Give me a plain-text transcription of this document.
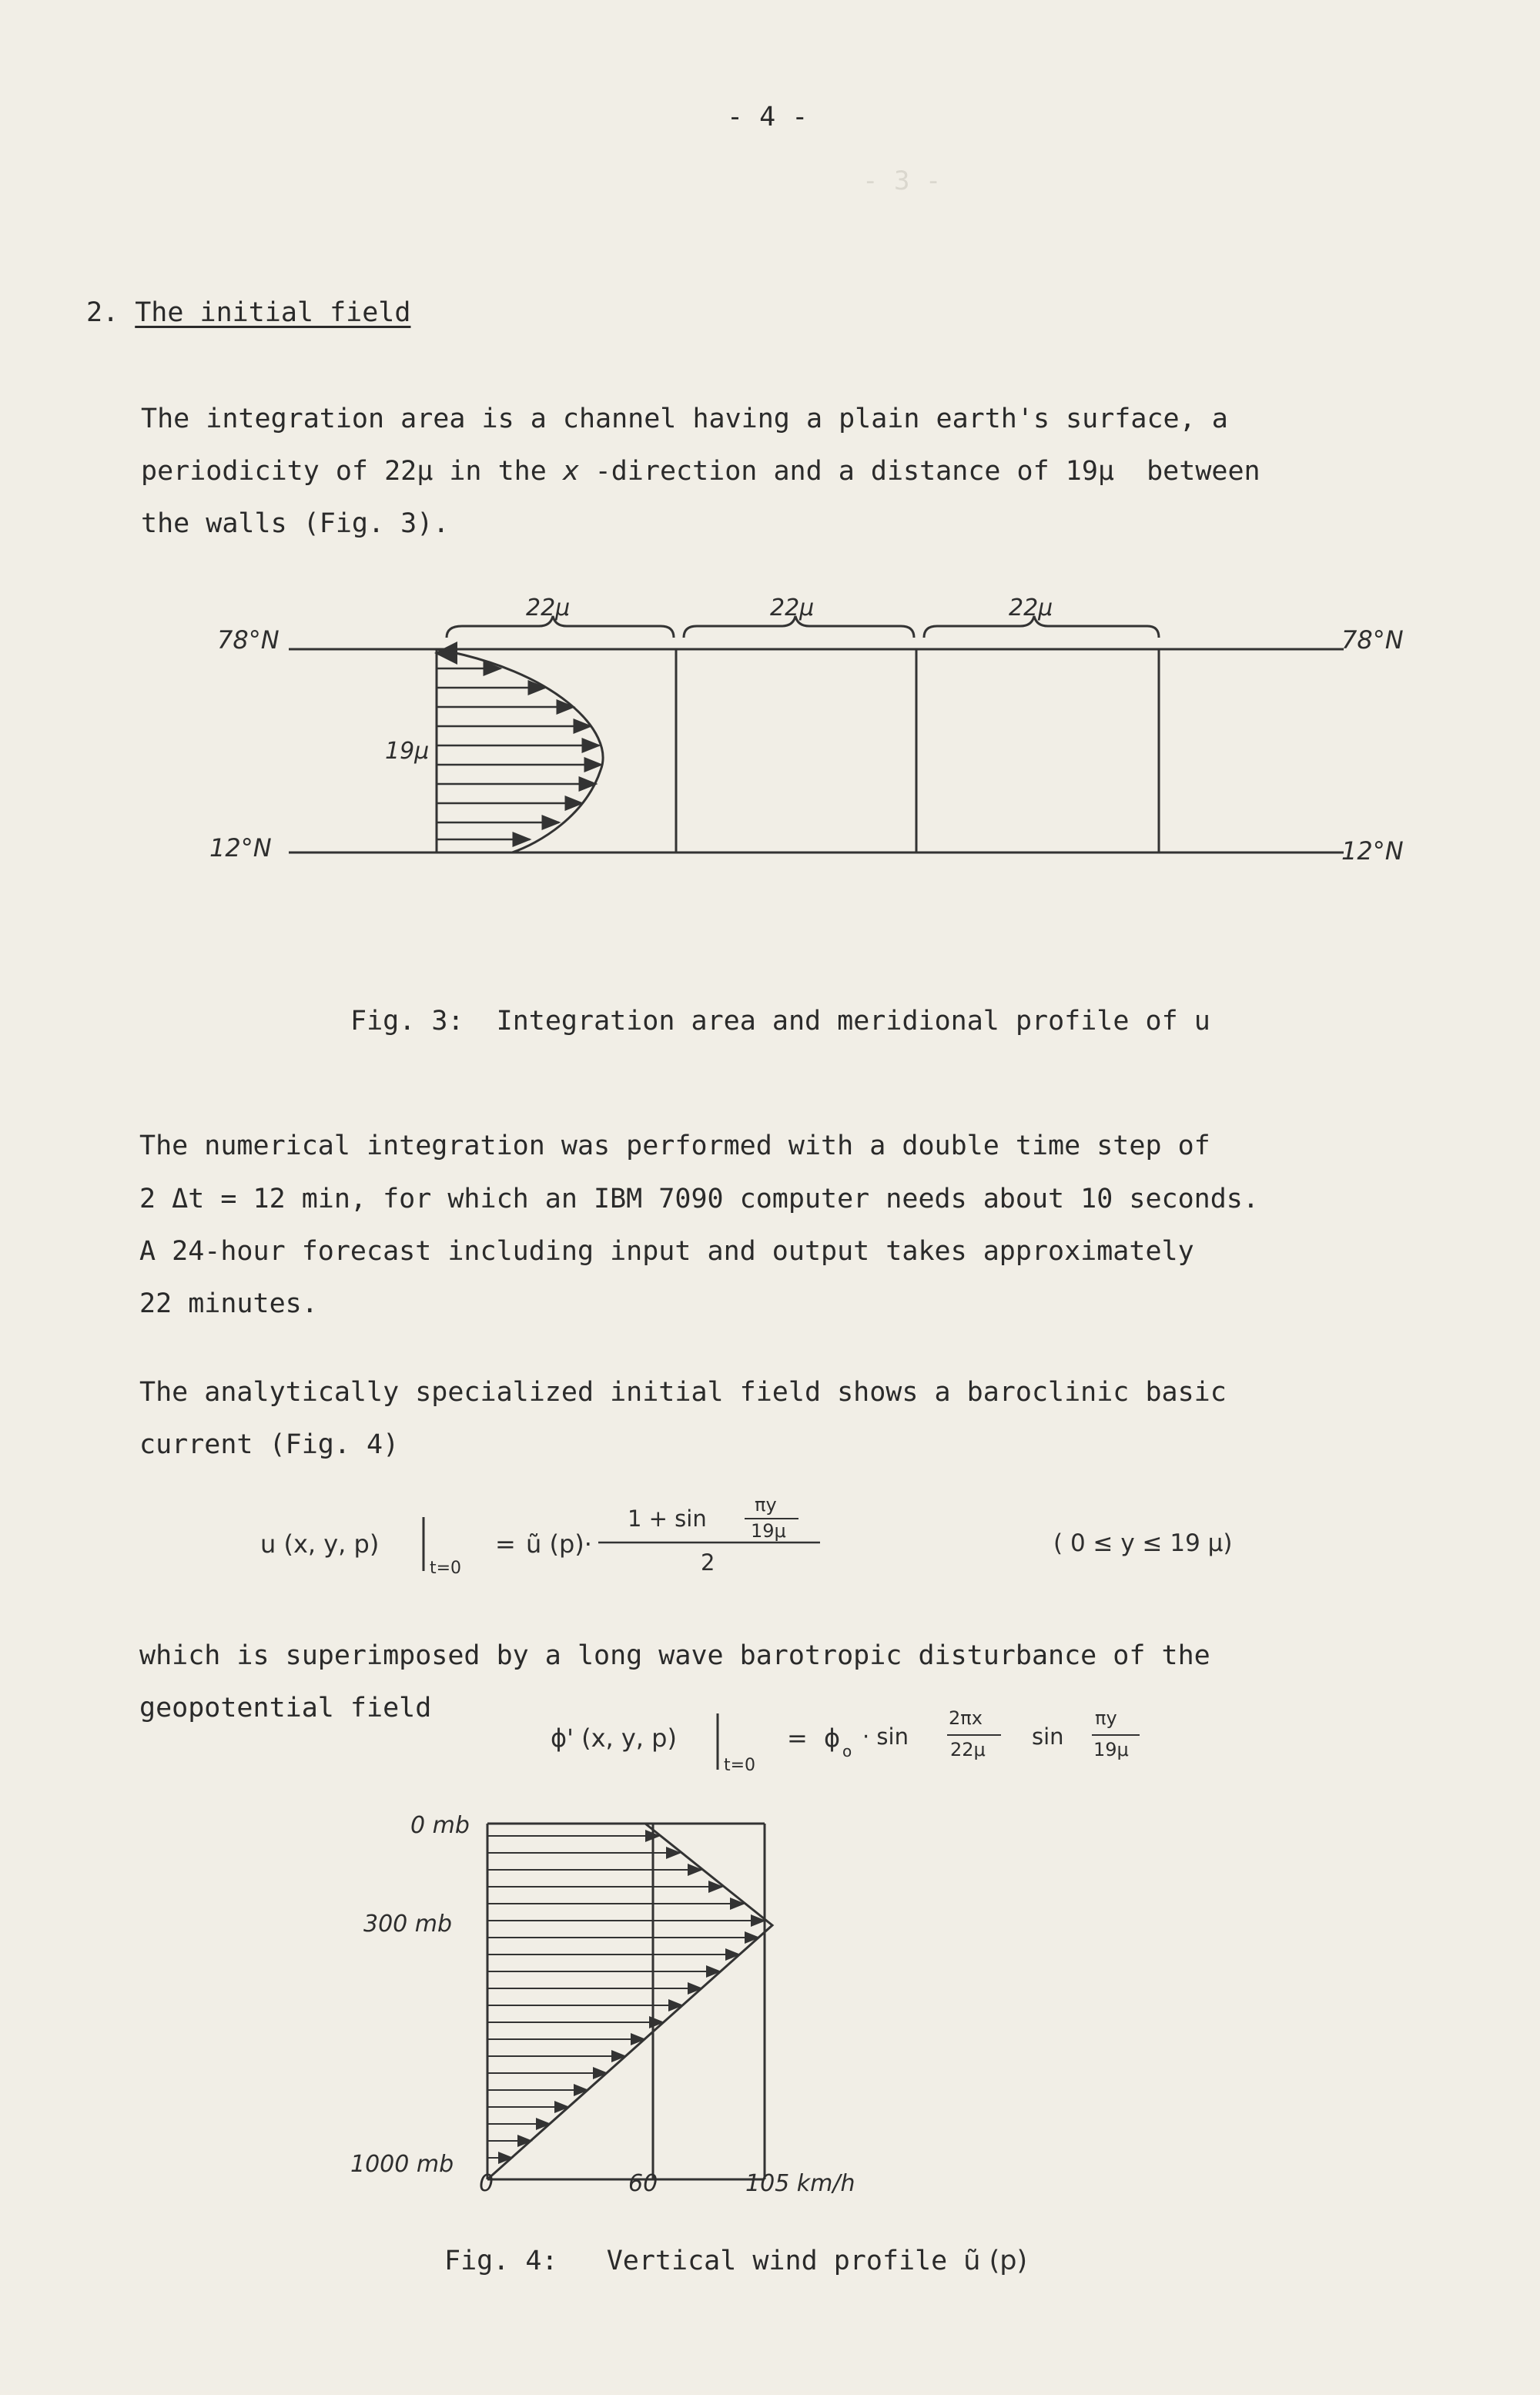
- 3 -
- 4 -
2. The initial field
The integration area is a channel having a plain earth's surface, a
periodicity of 22μ in the x -direction and a distance of 19μ  between
the walls (Fig. 3).
78°N
12°N
78°N
12°N
22μ	22μ	22μ
19μ
Fig. 3:  Integration area and meridional profile of u
The numerical integration was performed with a double time step of
2 Δt = 12 min, for which an IBM 7090 computer needs about 10 seconds.
A 24-hour forecast including input and output takes approximately
22 minutes.
The analytically specialized initial field shows a baroclinic basic
current (Fig. 4)
u (x, y, p)
t=0
= ũ (p)·
1 + sin
πy
19μ
2
( 0 ≤ y ≤ 19 μ)
which is superimposed by a long wave barotropic disturbance of the
geopotential field
ϕ' (x, y, p)
t=0
= ϕ o
· sin
2πx
22μ sin
πy
19μ
0 mb
300 mb
1000 mb
0	60	105 km/h
Fig. 4:   Vertical wind profile ũ (p)
